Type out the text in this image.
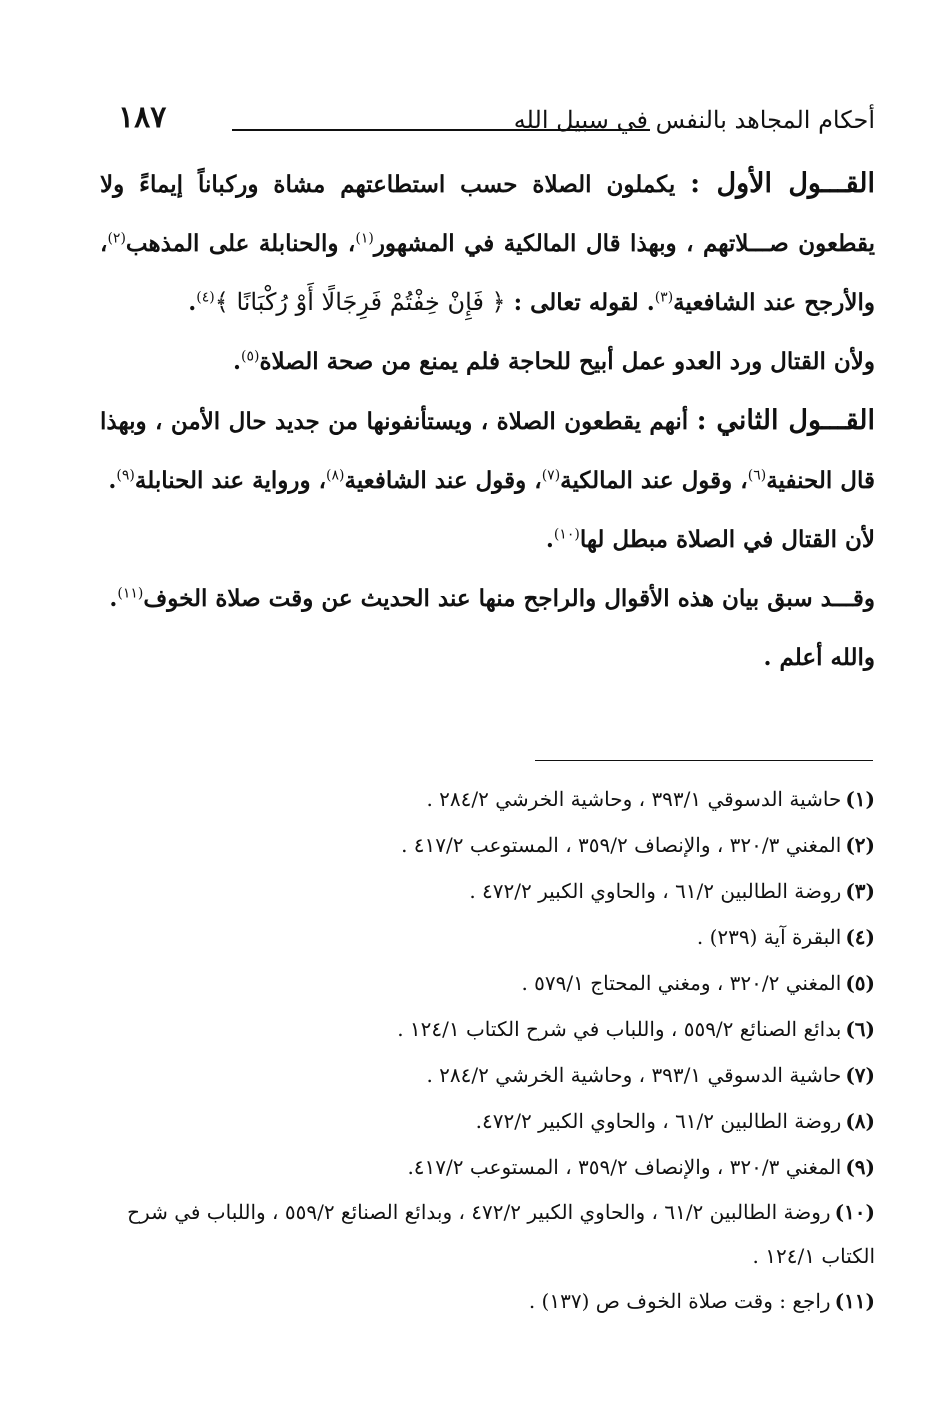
١٨٧	أحكام المجاهد بالنفس في سبيل الله

القـــول الأول : يكملون الصلاة حسب استطاعتهم مشاة وركباناً إيماءً ولا يقطعون صـــلاتهم ، وبهذا قال المالكية في المشهور$^{(١)}$، والحنابلة على المذهب$^{(٢)}$، والأرجح عند الشافعية$^{(٣)}$. لقوله تعالى : ﴿ فَإِنْ خِفْتُمْ فَرِجَالًا أَوْ رُكْبَانًا ﴾$^{(٤)}$.

ولأن القتال ورد العدو عمل أبيح للحاجة فلم يمنع من صحة الصلاة$^{(٥)}$.

القـــول الثاني : أنهم يقطعون الصلاة ، ويستأنفونها من جديد حال الأمن ، وبهذا قال الحنفية$^{(٦)}$، وقول عند المالكية$^{(٧)}$، وقول عند الشافعية$^{(٨)}$، ورواية عند الحنابلة$^{(٩)}$.

لأن القتال في الصلاة مبطل لها$^{(١٠)}$.

وقـــد سبق بيان هذه الأقوال والراجح منها عند الحديث عن وقت صلاة الخوف$^{(١١)}$.

والله أعلم .

(١)حاشية الدسوقي ٣٩٣/١ ، وحاشية الخرشي ٢٨٤/٢ .

(٢)المغني ٣٢٠/٣ ، والإنصاف ٣٥٩/٢ ، المستوعب ٤١٧/٢ .

(٣)روضة الطالبين ٦١/٢ ، والحاوي الكبير ٤٧٢/٢ .

(٤)البقرة آية (٢٣٩) .

(٥)المغني ٣٢٠/٢ ، ومغني المحتاج ٥٧٩/١ .

(٦)بدائع الصنائع ٥٥٩/٢ ، واللباب في شرح الكتاب ١٢٤/١ .

(٧)حاشية الدسوقي ٣٩٣/١ ، وحاشية الخرشي ٢٨٤/٢ .

(٨)روضة الطالبين ٦١/٢ ، والحاوي الكبير ٤٧٢/٢.

(٩)المغني ٣٢٠/٣ ، والإنصاف ٣٥٩/٢ ، المستوعب ٤١٧/٢.

(١٠)روضة الطالبين ٦١/٢ ، والحاوي الكبير ٤٧٢/٢ ، وبدائع الصنائع ٥٥٩/٢ ، واللباب في شرح الكتاب ١٢٤/١ .

(١١)راجع : وقت صلاة الخوف ص (١٣٧) .
